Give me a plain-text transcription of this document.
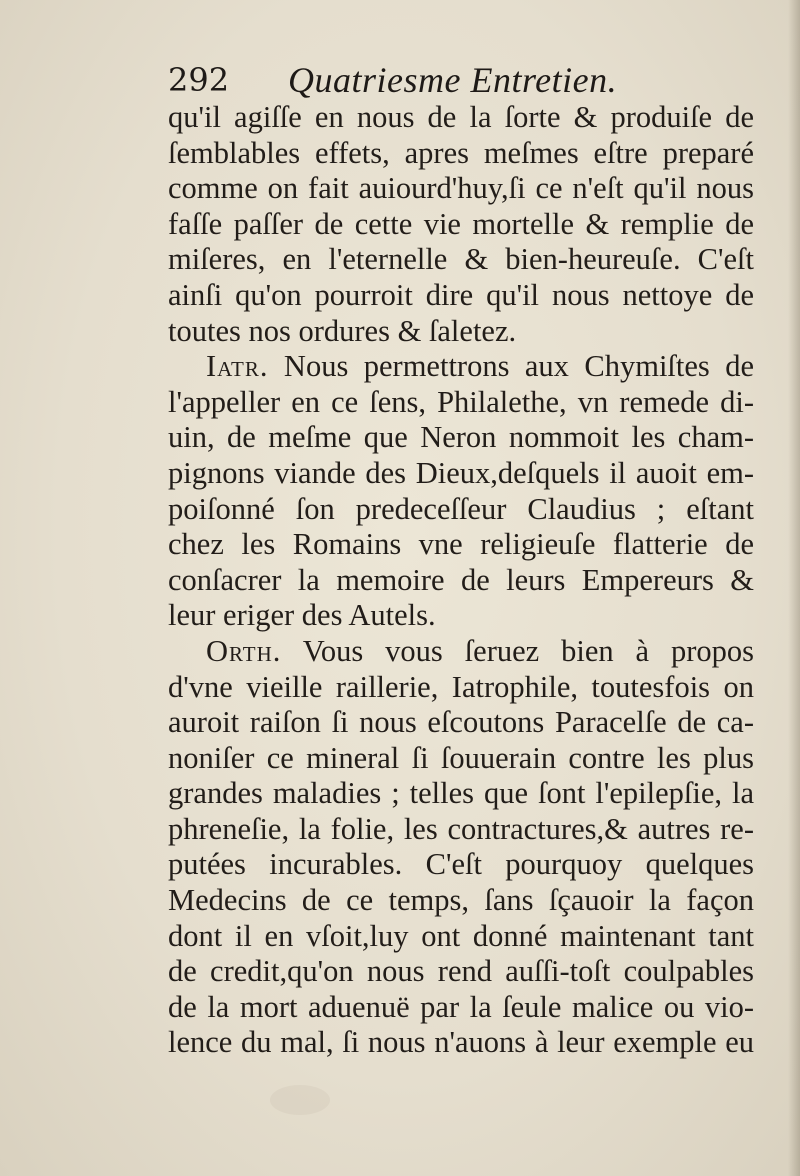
292 Quatriesme Entretien.
qu'il agiſſe en nous de la ſorte & produiſe de
ſemblables effets, apres meſmes eſtre preparé
comme on fait auiourd'huy,ſi ce n'eſt qu'il nous
faſſe paſſer de cette vie mortelle & remplie de
miſeres, en l'eternelle & bien-heureuſe. C'eſt
ainſi qu'on pourroit dire qu'il nous nettoye de
toutes nos ordures & ſaletez.
Iatr. Nous permettrons aux Chymiſtes de
l'appeller en ce ſens, Philalethe, vn remede di-
uin, de meſme que Neron nommoit les cham-
pignons viande des Dieux,deſquels il auoit em-
poiſonné ſon predeceſſeur Claudius ; eſtant
chez les Romains vne religieuſe flatterie de
conſacrer la memoire de leurs Empereurs &
leur eriger des Autels.
Orth. Vous vous ſeruez bien à propos
d'vne vieille raillerie, Iatrophile, toutesfois on
auroit raiſon ſi nous eſcoutons Paracelſe de ca-
noniſer ce mineral ſi ſouuerain contre les plus
grandes maladies ; telles que ſont l'epilepſie, la
phreneſie, la folie, les contractures,& autres re-
putées incurables. C'eſt pourquoy quelques
Medecins de ce temps, ſans ſçauoir la façon
dont il en vſoit,luy ont donné maintenant tant
de credit,qu'on nous rend auſſi-toſt coulpables
de la mort aduenuë par la ſeule malice ou vio-
lence du mal, ſi nous n'auons à leur exemple eu
